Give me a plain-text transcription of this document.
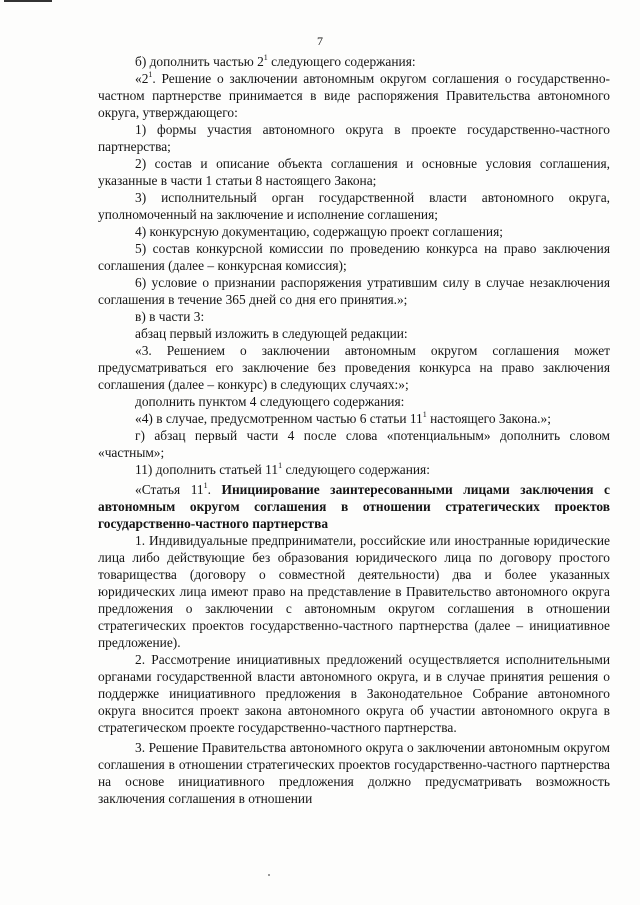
7

б) дополнить частью $2^1$ следующего содержания:

«$2^1$. Решение о заключении автономным округом соглашения о государственно-частном партнерстве принимается в виде распоряжения Правительства автономного округа, утверждающего:

1) формы участия автономного округа в проекте государственно-частного партнерства;

2) состав и описание объекта соглашения и основные условия соглашения, указанные в части 1 статьи 8 настоящего Закона;

3) исполнительный орган государственной власти автономного округа, уполномоченный на заключение и исполнение соглашения;

4) конкурсную документацию, содержащую проект соглашения;

5) состав конкурсной комиссии по проведению конкурса на право заключения соглашения (далее – конкурсная комиссия);

6) условие о признании распоряжения утратившим силу в случае незаключения соглашения в течение 365 дней со дня его принятия.»;

в) в части 3:

абзац первый изложить в следующей редакции:

«3. Решением о заключении автономным округом соглашения может предусматриваться его заключение без проведения конкурса на право заключения соглашения (далее – конкурс) в следующих случаях:»;

дополнить пунктом 4 следующего содержания:

«4) в случае, предусмотренном частью 6 статьи $11^1$ настоящего Закона.»;

г) абзац первый части 4 после слова «потенциальным» дополнить словом «частным»;

11) дополнить статьей $11^1$ следующего содержания:

«Статья $11^1$. Инициирование заинтересованными лицами заключения с автономным округом соглашения в отношении стратегических проектов государственно-частного партнерства

1. Индивидуальные предприниматели, российские или иностранные юридические лица либо действующие без образования юридического лица по договору простого товарищества (договору о совместной деятельности) два и более указанных юридических лица имеют право на представление в Правительство автономного округа предложения о заключении с автономным округом соглашения в отношении стратегических проектов государственно-частного партнерства (далее – инициативное предложение).

2. Рассмотрение инициативных предложений осуществляется исполнительными органами государственной власти автономного округа, и в случае принятия решения о поддержке инициативного предложения в Законодательное Собрание автономного округа вносится проект закона автономного округа об участии автономного округа в стратегическом проекте государственно-частного партнерства.

3. Решение Правительства автономного округа о заключении автономным округом соглашения в отношении стратегических проектов государственно-частного партнерства на основе инициативного предложения должно предусматривать возможность заключения соглашения в отношении
